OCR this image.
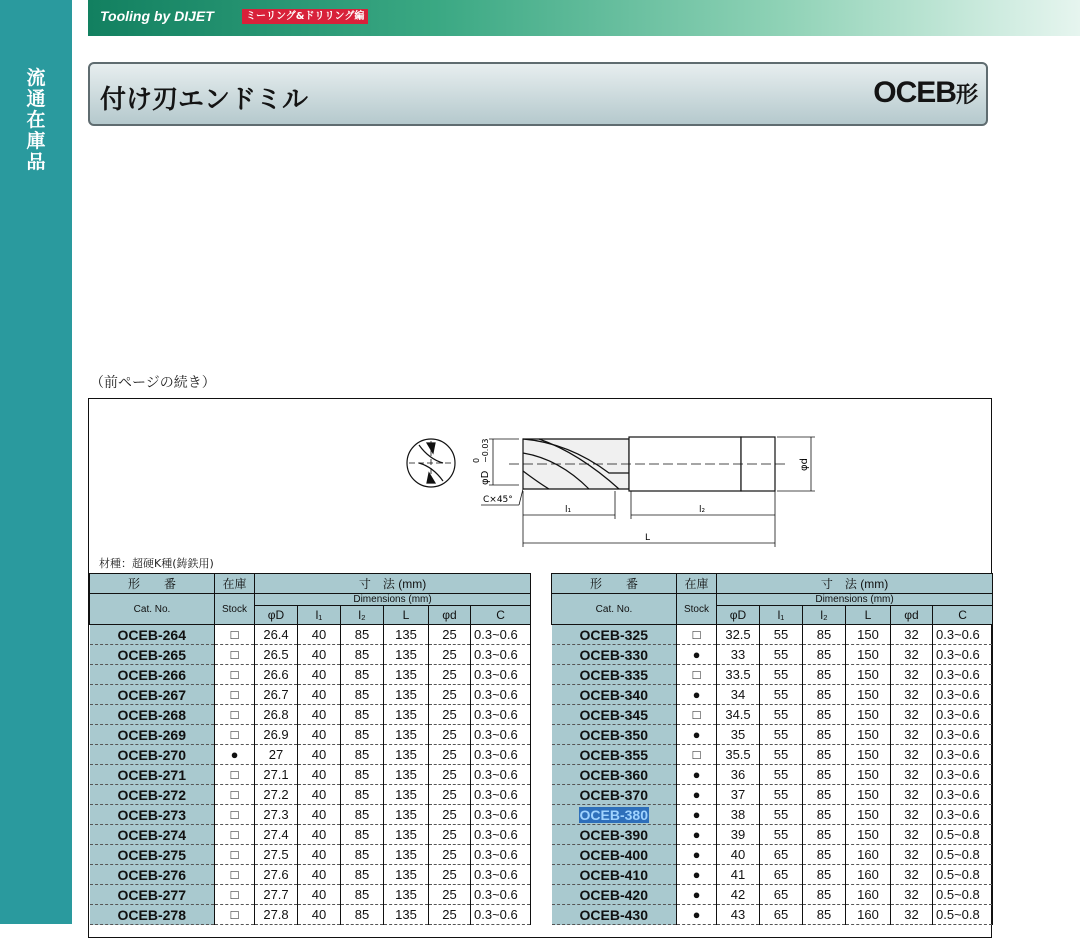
流通在庫品
Tooling by DIJET	ミーリング&ドリリング編
付け刃エンドミル	OCEB形
（前ページの続き）
φD
0 −0.03
φd
C×45°
l₁	l₂
L
材種：超硬K種(鋳鉄用)
形　　番	在庫	寸　法 (mm)					
Cat. No.	Stock	Dimensions (mm)					
		φD	l₁	l₂	L	φd	C
OCEB-264	□	26.4	40	85	135	25	0.3~0.6
OCEB-265	□	26.5	40	85	135	25	0.3~0.6
OCEB-266	□	26.6	40	85	135	25	0.3~0.6
OCEB-267	□	26.7	40	85	135	25	0.3~0.6
OCEB-268	□	26.8	40	85	135	25	0.3~0.6
OCEB-269	□	26.9	40	85	135	25	0.3~0.6
OCEB-270	●	27	40	85	135	25	0.3~0.6
OCEB-271	□	27.1	40	85	135	25	0.3~0.6
OCEB-272	□	27.2	40	85	135	25	0.3~0.6
OCEB-273	□	27.3	40	85	135	25	0.3~0.6
OCEB-274	□	27.4	40	85	135	25	0.3~0.6
OCEB-275	□	27.5	40	85	135	25	0.3~0.6
OCEB-276	□	27.6	40	85	135	25	0.3~0.6
OCEB-277	□	27.7	40	85	135	25	0.3~0.6
OCEB-278	□	27.8	40	85	135	25	0.3~0.6
形　　番	在庫	寸　法 (mm)					
Cat. No.	Stock	Dimensions (mm)					
		φD	l₁	l₂	L	φd	C
OCEB-325	□	32.5	55	85	150	32	0.3~0.6
OCEB-330	●	33	55	85	150	32	0.3~0.6
OCEB-335	□	33.5	55	85	150	32	0.3~0.6
OCEB-340	●	34	55	85	150	32	0.3~0.6
OCEB-345	□	34.5	55	85	150	32	0.3~0.6
OCEB-350	●	35	55	85	150	32	0.3~0.6
OCEB-355	□	35.5	55	85	150	32	0.3~0.6
OCEB-360	●	36	55	85	150	32	0.3~0.6
OCEB-370	●	37	55	85	150	32	0.3~0.6
OCEB-380	●	38	55	85	150	32	0.3~0.6
OCEB-390	●	39	55	85	150	32	0.5~0.8
OCEB-400	●	40	65	85	160	32	0.5~0.8
OCEB-410	●	41	65	85	160	32	0.5~0.8
OCEB-420	●	42	65	85	160	32	0.5~0.8
OCEB-430	●	43	65	85	160	32	0.5~0.8
